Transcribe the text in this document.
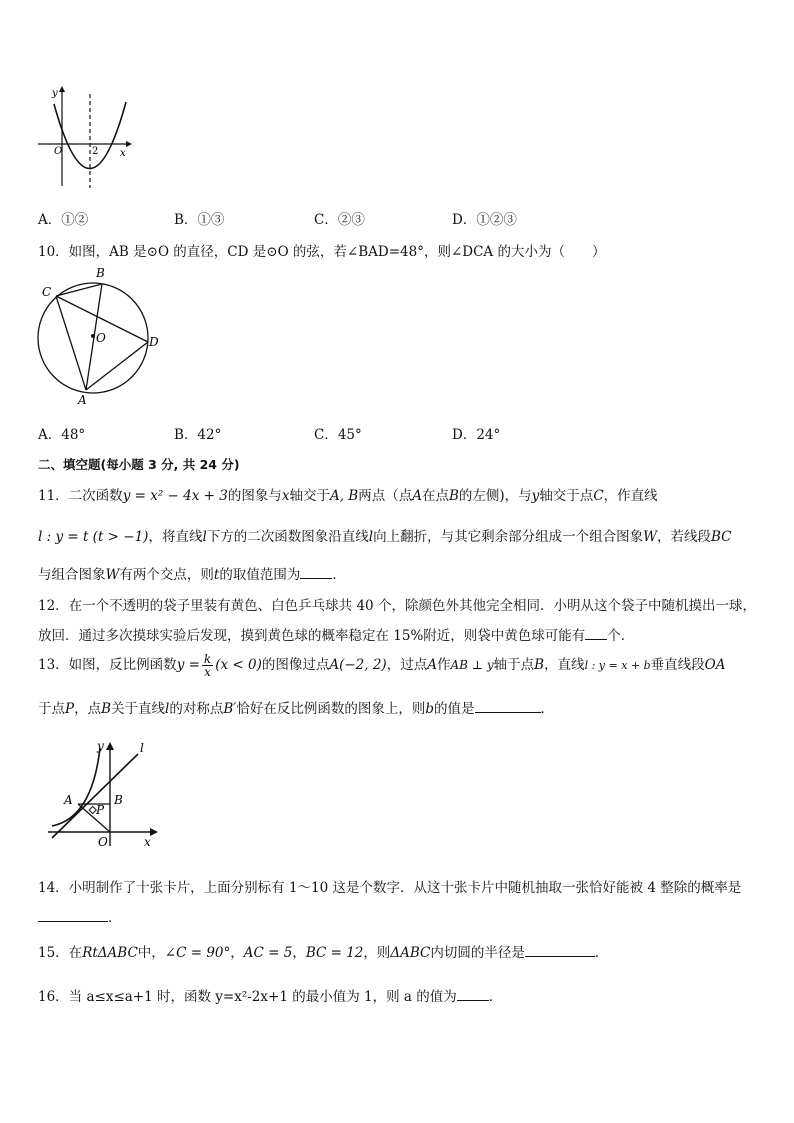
y
x
O	2
A．①②	B．①③	C．②③	D．①②③
10．如图，AB 是⊙O 的直径，CD 是⊙O 的弦，若∠BAD=48°，则∠DCA 的大小为（　　）
B
C
O	D
A
A．48°	B．42°	C．45°	D．24°
二、填空题(每小题 3 分, 共 24 分)
11．二次函数y = x² − 4x + 3的图象与x轴交于A, B两点（点A在点B的左侧)，与y轴交于点C，作直线
l : y = t (t > −1)，将直线l下方的二次函数图象沿直线l向上翻折，与其它剩余部分组成一个组合图象W，若线段BC
与组合图象W有两个交点，则t的取值范围为 ．
12．在一个不透明的袋子里装有黄色、白色乒乓球共 40 个，除颜色外其他完全相同．小明从这个袋子中随机摸出一球，
放回．通过多次摸球实验后发现，摸到黄色球的概率稳定在 15%附近，则袋中黄色球可能有 个．
13．如图，反比例函数$y = \frac{k}{x} (x < 0)$的图像过点A(−2, 2)，过点A作AB ⊥ y轴于点B，直线l : y = x + b垂直线段OA
于点P，点B关于直线l的对称点B′恰好在反比例函数的图象上，则b的值是	．
y	l
A
P
B
O	x
14．小明制作了十张卡片，上面分别标有 1～10 这是个数字．从这十张卡片中随机抽取一张恰好能被 4 整除的概率是
．
15．在RtΔABC中，∠C = 90°，AC = 5，BC = 12，则ΔABC内切圆的半径是	．
16．当 a≤x≤a+1 时，函数 y=x²-2x+1 的最小值为 1，则 a 的值为 ．
